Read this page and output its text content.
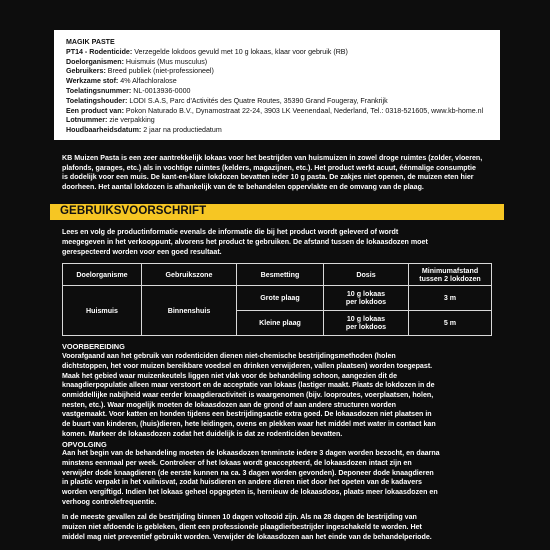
MAGIK PASTE
PT14 - Rodenticide: Verzegelde lokdoos gevuld met 10 g lokaas, klaar voor gebruik (RB)
Doelorganismen: Huismuis (Mus musculus)
Gebruikers: Breed publiek (niet-professioneel)
Werkzame stof: 4% Alfachloralose
Toelatingsnummer: NL-0013936-0000
Toelatingshouder: LODI S.A.S, Parc d'Activités des Quatre Routes, 35390 Grand Fougeray, Frankrijk
Een product van: Pokon Naturado B.V., Dynamostraat 22-24, 3903 LK Veenendaal, Nederland, Tel.: 0318-521605, www.kb-home.nl
Lotnummer: zie verpakking
Houdbaarheidsdatum: 2 jaar na productiedatum
KB Muizen Pasta is een zeer aantrekkelijk lokaas voor het bestrijden van huismuizen in zowel droge ruimtes (zolder, vloeren,
plafonds, garages, etc.) als in vochtige ruimtes (kelders, magazijnen, etc.). Het product werkt acuut, éénmalige consumptie
is dodelijk voor een muis. De kant-en-klare lokdozen bevatten ieder 10 g pasta. De zakjes niet openen, de muizen eten hier
doorheen. Het aantal lokdozen is afhankelijk van de te behandelen oppervlakte en de omvang van de plaag.
GEBRUIKSVOORSCHRIFT
Lees en volg de productinformatie evenals de informatie die bij het product wordt geleverd of wordt
meegegeven in het verkooppunt, alvorens het product te gebruiken. De afstand tussen de lokaasdozen moet
gerespecteerd worden voor een goed resultaat.
Doelorganisme	Gebruikszone	Besmetting	Dosis	Minimumafstand
tussen 2 lokdozen

Huismuis	Binnenshuis	Grote plaag	10 g lokaas
per lokdoos	3 m
		Kleine plaag	10 g lokaas
per lokdoos	5 m
VOORBEREIDING
Voorafgaand aan het gebruik van rodenticiden dienen niet-chemische bestrijdingsmethoden (holen
dichtstoppen, het voor muizen bereikbare voedsel en drinken verwijderen, vallen plaatsen) worden toegepast.
Maak het gebied waar muizenkeutels liggen niet vlak voor de behandeling schoon, aangezien dit de
knaagdierpopulatie alleen maar verstoort en de acceptatie van lokaas (lastiger maakt. Plaats de lokdozen in de
onmiddellijke nabijheid waar eerder knaagdieractiviteit is waargenomen (bijv. looproutes, voerplaatsen, holen,
nesten, etc.). Waar mogelijk moeten de lokaasdozen aan de grond of aan andere structuren worden
vastgemaakt. Voor katten en honden tijdens een bestrijdingsactie extra goed. De lokaasdozen niet plaatsen in
de buurt van kinderen, (huis)dieren, hete leidingen, ovens en plekken waar het middel met water in contact kan
komen. Markeer de lokaasdozen zodat het duidelijk is dat ze rodenticiden bevatten.
OPVOLGING
Aan het begin van de behandeling moeten de lokaasdozen tenminste iedere 3 dagen worden bezocht, en daarna
minstens eenmaal per week. Controleer of het lokaas wordt geaccepteerd, de lokaasdozen intact zijn en
verwijder dode knaagdieren (de eerste kunnen na ca. 3 dagen worden gevonden). Deponeer dode knaagdieren
in plastic verpakt in het vuilnisvat, zodat huisdieren en andere dieren niet door het opeten van de kadavers
worden vergiftigd. Indien het lokaas geheel opgegeten is, hernieuw de lokaasdoos, plaats meer lokaasdozen en
verhoog controlefrequentie.
In de meeste gevallen zal de bestrijding binnen 10 dagen voltooid zijn. Als na 28 dagen de bestrijding van
muizen niet afdoende is gebleken, dient een professionele plaagdierbestrijder ingeschakeld te worden. Het
middel mag niet preventief gebruikt worden. Verwijder de lokaasdozen aan het einde van de behandelperiode.
